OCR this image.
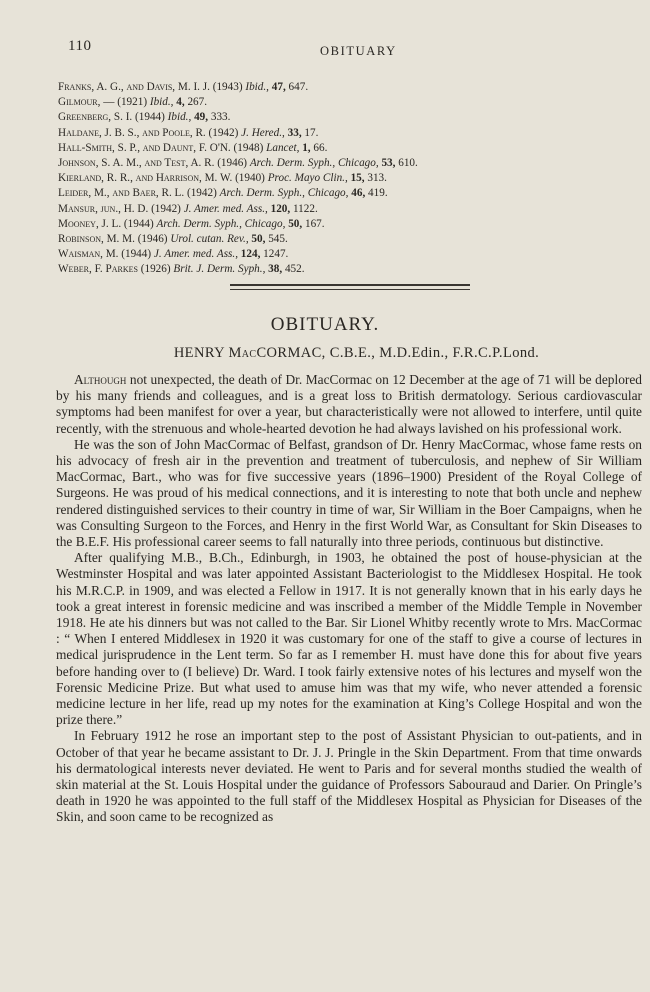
110	OBITUARY
Franks, A. G., and Davis, M. I. J. (1943) Ibid., 47, 647.
Gilmour, — (1921) Ibid., 4, 267.
Greenberg, S. I. (1944) Ibid., 49, 333.
Haldane, J. B. S., and Poole, R. (1942) J. Hered., 33, 17.
Hall-Smith, S. P., and Daunt, F. O'N. (1948) Lancet, 1, 66.
Johnson, S. A. M., and Test, A. R. (1946) Arch. Derm. Syph., Chicago, 53, 610.
Kierland, R. R., and Harrison, M. W. (1940) Proc. Mayo Clin., 15, 313.
Leider, M., and Baer, R. L. (1942) Arch. Derm. Syph., Chicago, 46, 419.
Mansur, jun., H. D. (1942) J. Amer. med. Ass., 120, 1122.
Mooney, J. L. (1944) Arch. Derm. Syph., Chicago, 50, 167.
Robinson, M. M. (1946) Urol. cutan. Rev., 50, 545.
Waisman, M. (1944) J. Amer. med. Ass., 124, 1247.
Weber, F. Parkes (1926) Brit. J. Derm. Syph., 38, 452.
OBITUARY.
HENRY MacCORMAC, C.B.E., M.D.Edin., F.R.C.P.Lond.

Although not unexpected, the death of Dr. MacCormac on 12 December at the age of 71 will be deplored by his many friends and colleagues, and is a great loss to British dermatology. Serious cardiovascular symptoms had been manifest for over a year, but characteristically were not allowed to interfere, until quite recently, with the strenuous and whole-hearted devotion he had always lavished on his professional work.

He was the son of John MacCormac of Belfast, grandson of Dr. Henry MacCormac, whose fame rests on his advocacy of fresh air in the prevention and treatment of tuberculosis, and nephew of Sir William MacCormac, Bart., who was for five successive years (1896–1900) President of the Royal College of Surgeons. He was proud of his medical connections, and it is interesting to note that both uncle and nephew rendered distinguished services to their country in time of war, Sir William in the Boer Campaigns, when he was Consulting Surgeon to the Forces, and Henry in the first World War, as Consultant for Skin Diseases to the B.E.F. His professional career seems to fall naturally into three periods, continuous but distinctive.

After qualifying M.B., B.Ch., Edinburgh, in 1903, he obtained the post of house-physician at the Westminster Hospital and was later appointed Assistant Bacteriologist to the Middlesex Hospital. He took his M.R.C.P. in 1909, and was elected a Fellow in 1917. It is not generally known that in his early days he took a great interest in forensic medicine and was inscribed a member of the Middle Temple in November 1918. He ate his dinners but was not called to the Bar. Sir Lionel Whitby recently wrote to Mrs. MacCormac : “ When I entered Middlesex in 1920 it was customary for one of the staff to give a course of lectures in medical jurisprudence in the Lent term. So far as I remember H. must have done this for about five years before handing over to (I believe) Dr. Ward. I took fairly extensive notes of his lectures and myself won the Forensic Medicine Prize. But what used to amuse him was that my wife, who never attended a forensic medicine lecture in her life, read up my notes for the examination at King’s College Hospital and won the prize there.”

In February 1912 he rose an important step to the post of Assistant Physician to out-patients, and in October of that year he became assistant to Dr. J. J. Pringle in the Skin Department. From that time onwards his dermatological interests never deviated. He went to Paris and for several months studied the wealth of skin material at the St. Louis Hospital under the guidance of Professors Sabouraud and Darier. On Pringle’s death in 1920 he was appointed to the full staff of the Middlesex Hospital as Physician for Diseases of the Skin, and soon came to be recognized as
